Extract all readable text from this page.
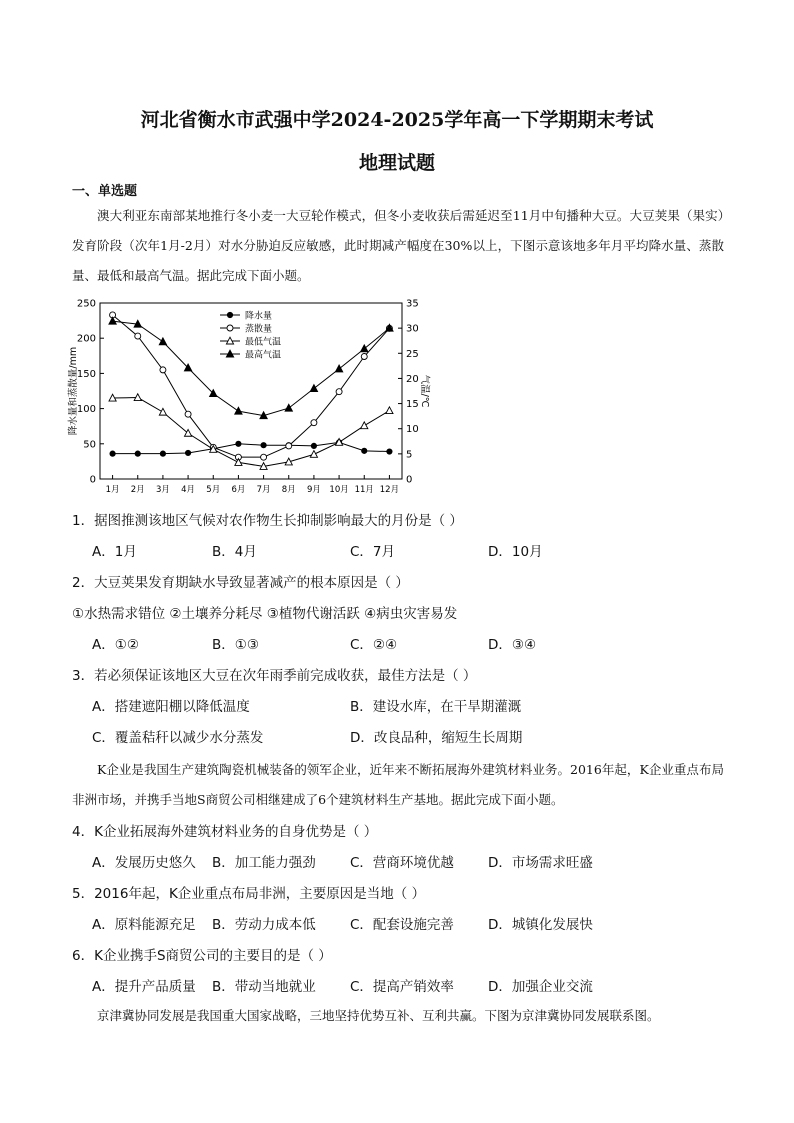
河北省衡水市武强中学2024-2025学年高一下学期期末考试
地理试题
一、单选题
澳大利亚东南部某地推行冬小麦一大豆轮作模式，但冬小麦收获后需延迟至11月中旬播种大豆。大豆荚果（果实）发育阶段（次年1月-2月）对水分胁迫反应敏感，此时期减产幅度在30%以上，下图示意该地多年月平均降水量、蒸散量、最低和最高气温。据此完成下面小题。
0
50
100
150
200
250
0
5
10
15
20
25
30
35
1月 2月 3月 4月 5月 6月 7月 8月 9月 10月 11月 12月
降水量和蒸散量/mm	气温/℃
降水量
蒸散量
最低气温
最高气温
1．据图推测该地区气候对农作物生长抑制影响最大的月份是（ ）
A．1月	B．4月	C．7月	D．10月
2．大豆荚果发育期缺水导致显著减产的根本原因是（ ）
①水热需求错位 ②土壤养分耗尽 ③植物代谢活跃 ④病虫灾害易发
A．①②	B．①③	C．②④	D．③④
3．若必须保证该地区大豆在次年雨季前完成收获，最佳方法是（ ）
A．搭建遮阳棚以降低温度	B．建设水库，在干旱期灌溉
C．覆盖秸秆以减少水分蒸发	D．改良品种，缩短生长周期
K企业是我国生产建筑陶瓷机械装备的领军企业，近年来不断拓展海外建筑材料业务。2016年起，K企业重点布局非洲市场，并携手当地S商贸公司相继建成了6个建筑材料生产基地。据此完成下面小题。
4．K企业拓展海外建筑材料业务的自身优势是（ ）
A．发展历史悠久 B．加工能力强劲	C．营商环境优越	D．市场需求旺盛
5．2016年起，K企业重点布局非洲，主要原因是当地（ ）
A．原料能源充足 B．劳动力成本低	C．配套设施完善	D．城镇化发展快
6．K企业携手S商贸公司的主要目的是（ ）
A．提升产品质量 B．带动当地就业	C．提高产销效率	D．加强企业交流
京津冀协同发展是我国重大国家战略，三地坚持优势互补、互利共赢。下图为京津冀协同发展联系图。
